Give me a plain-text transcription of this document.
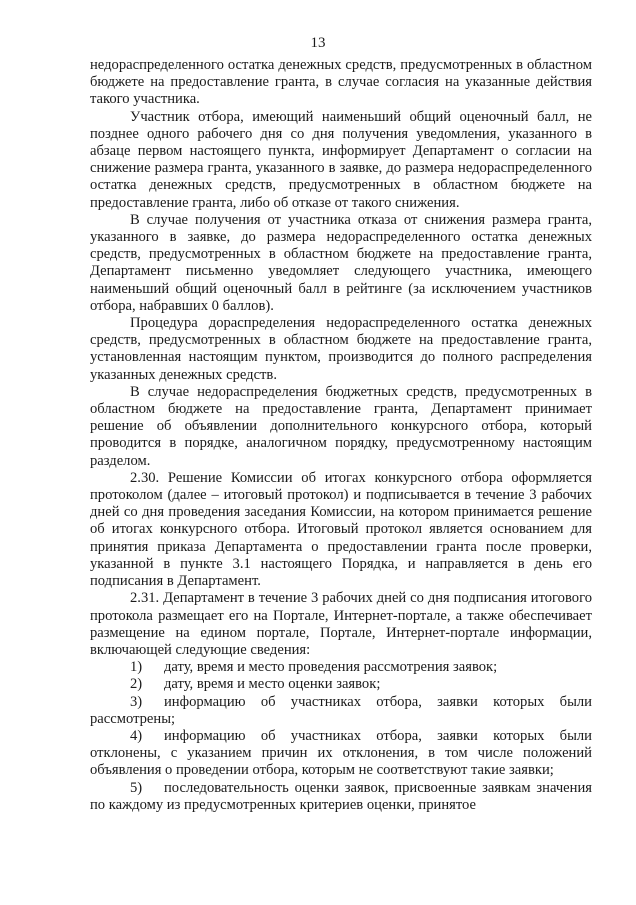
13

недораспределенного остатка денежных средств, предусмотренных в областном бюджете на предоставление гранта, в случае согласия на указанные действия такого участника.

Участник отбора, имеющий наименьший общий оценочный балл, не позднее одного рабочего дня со дня получения уведомления, указанного в абзаце первом настоящего пункта, информирует Департамент о согласии на снижение размера гранта, указанного в заявке, до размера недораспределенного остатка денежных средств, предусмотренных в областном бюджете на предоставление гранта, либо об отказе от такого снижения.

В случае получения от участника отказа от снижения размера гранта, указанного в заявке, до размера недораспределенного остатка денежных средств, предусмотренных в областном бюджете на предоставление гранта, Департамент письменно уведомляет следующего участника, имеющего наименьший общий оценочный балл в рейтинге (за исключением участников отбора, набравших 0 баллов).

Процедура дораспределения недораспределенного остатка денежных средств, предусмотренных в областном бюджете на предоставление гранта, установленная настоящим пунктом, производится до полного распределения указанных денежных средств.

В случае недораспределения бюджетных средств, предусмотренных в областном бюджете на предоставление гранта, Департамент принимает решение об объявлении дополнительного конкурсного отбора, который проводится в порядке, аналогичном порядку, предусмотренному настоящим разделом.

2.30. Решение Комиссии об итогах конкурсного отбора оформляется протоколом (далее – итоговый протокол) и подписывается в течение 3 рабочих дней со дня проведения заседания Комиссии, на котором принимается решение об итогах конкурсного отбора. Итоговый протокол является основанием для принятия приказа Департамента о предоставлении гранта после проверки, указанной в пункте 3.1 настоящего Порядка, и направляется в день его подписания в Департамент.

2.31. Департамент в течение 3 рабочих дней со дня подписания итогового протокола размещает его на Портале, Интернет-портале, а также обеспечивает размещение на едином портале, Портале, Интернет-портале информации, включающей следующие сведения:

1) дату, время и место проведения рассмотрения заявок;

2) дату, время и место оценки заявок;

3) информацию об участниках отбора, заявки которых были рассмотрены;

4) информацию об участниках отбора, заявки которых были отклонены, с указанием причин их отклонения, в том числе положений объявления о проведении отбора, которым не соответствуют такие заявки;

5) последовательность оценки заявок, присвоенные заявкам значения по каждому из предусмотренных критериев оценки, принятое
